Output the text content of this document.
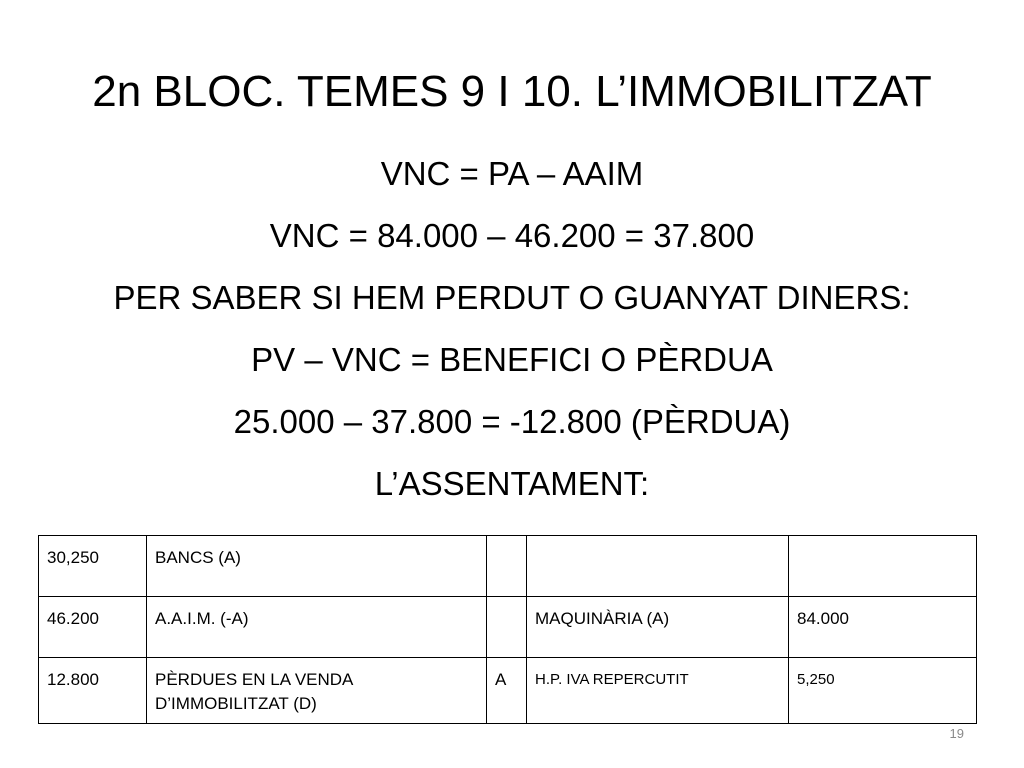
2n BLOC. TEMES 9 I 10. L’IMMOBILITZAT
VNC = PA – AAIM
VNC = 84.000 – 46.200 = 37.800
PER SABER SI HEM PERDUT O GUANYAT DINERS:
PV – VNC = BENEFICI O PÈRDUA
25.000 – 37.800 = -12.800 (PÈRDUA)
L’ASSENTAMENT:
30,250	BANCS (A)			
46.200	A.A.I.M. (-A)		MAQUINÀRIA (A)	84.000
12.800	PÈRDUES EN LA VENDA D’IMMOBILITZAT (D)	A	H.P. IVA REPERCUTIT	5,250
19
